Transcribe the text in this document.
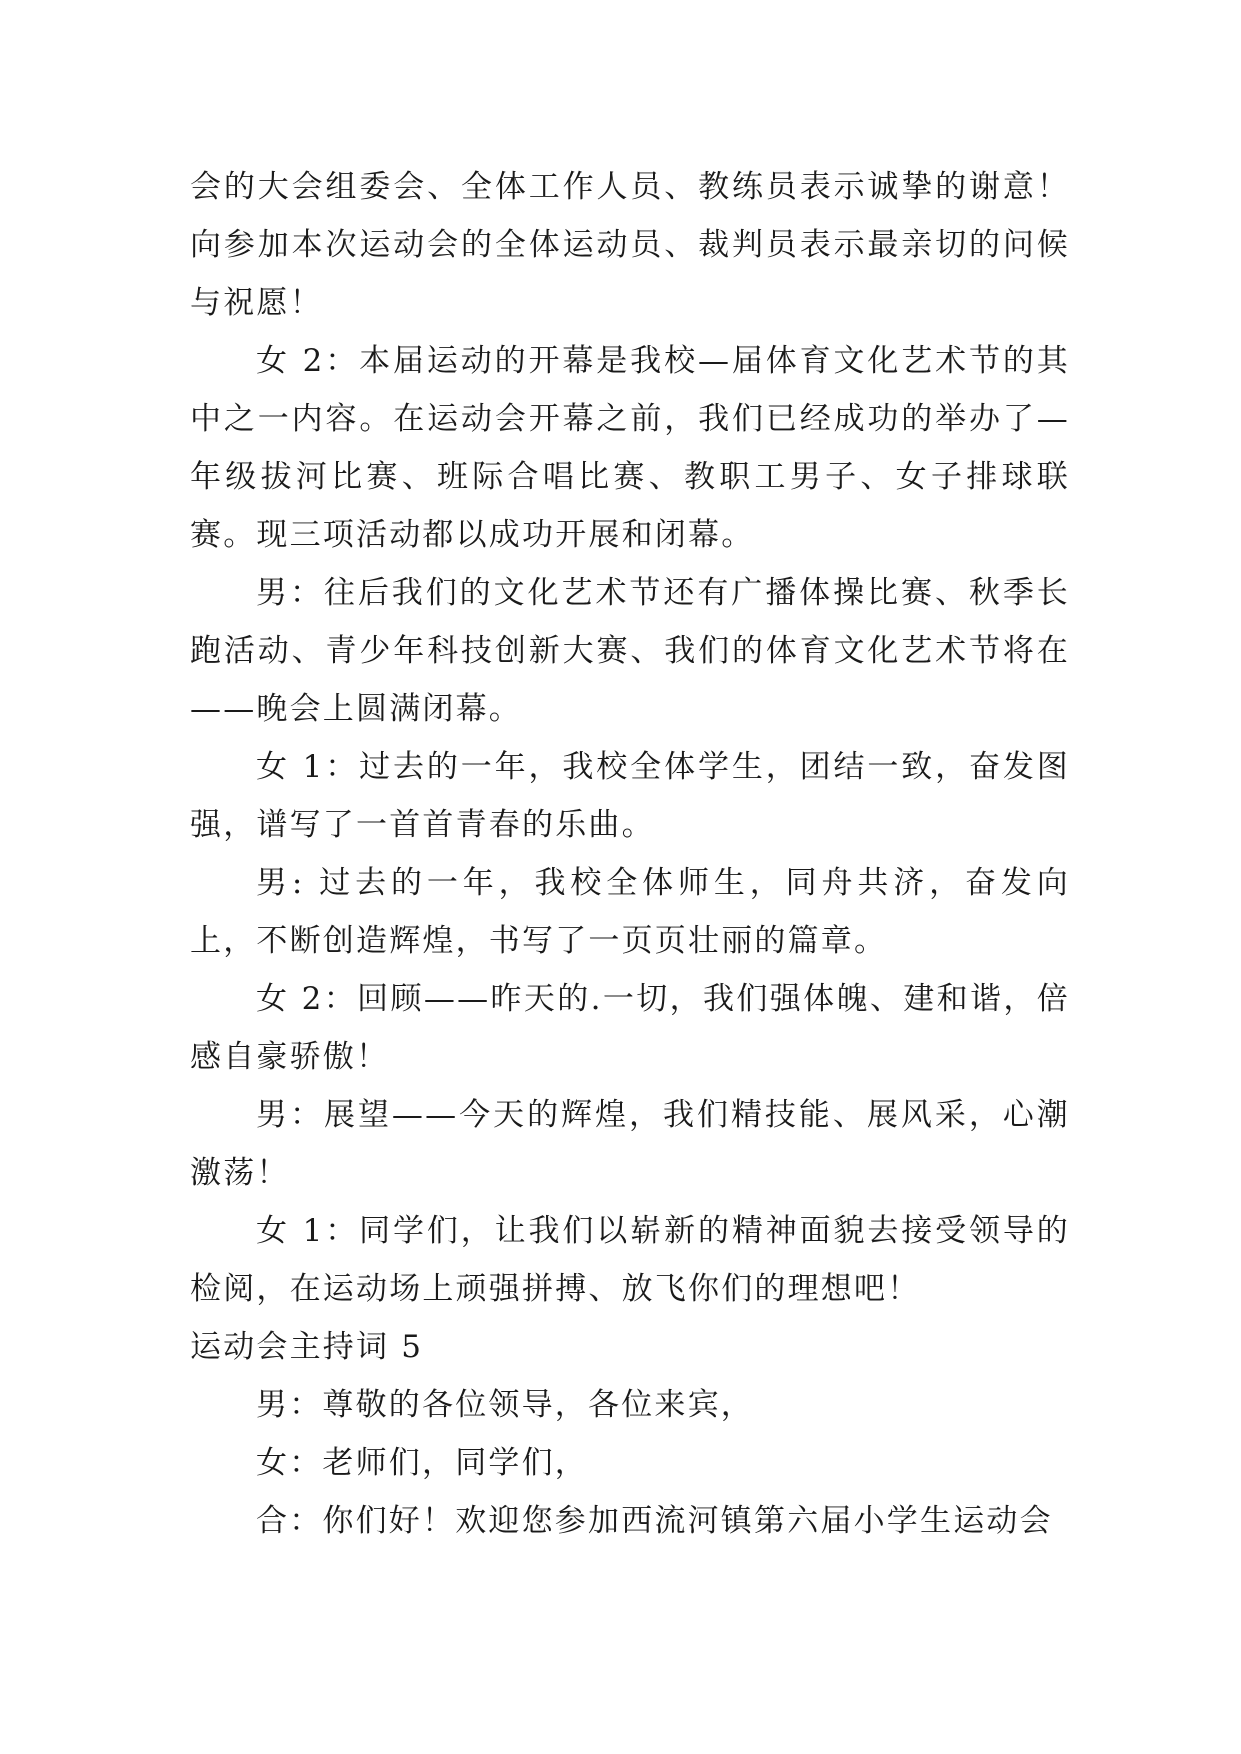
会的大会组委会、全体工作人员、教练员表示诚挚的谢意！向参加本次运动会的全体运动员、裁判员表示最亲切的问候与祝愿！

女 2：本届运动的开幕是我校—届体育文化艺术节的其中之一内容。在运动会开幕之前，我们已经成功的举办了—年级拔河比赛、班际合唱比赛、教职工男子、女子排球联赛。现三项活动都以成功开展和闭幕。

男：往后我们的文化艺术节还有广播体操比赛、秋季长跑活动、青少年科技创新大赛、我们的体育文化艺术节将在——晚会上圆满闭幕。

女 1：过去的一年，我校全体学生，团结一致，奋发图强，谱写了一首首青春的乐曲。

男: 过去的一年，我校全体师生，同舟共济，奋发向上，不断创造辉煌，书写了一页页壮丽的篇章。

女 2：回顾——昨天的.一切，我们强体魄、建和谐，倍感自豪骄傲！

男：展望——今天的辉煌，我们精技能、展风采，心潮激荡！

女 1：同学们，让我们以崭新的精神面貌去接受领导的检阅，在运动场上顽强拼搏、放飞你们的理想吧！

运动会主持词 5

男：尊敬的各位领导，各位来宾，

女：老师们，同学们，

合：你们好！欢迎您参加西流河镇第六届小学生运动会
